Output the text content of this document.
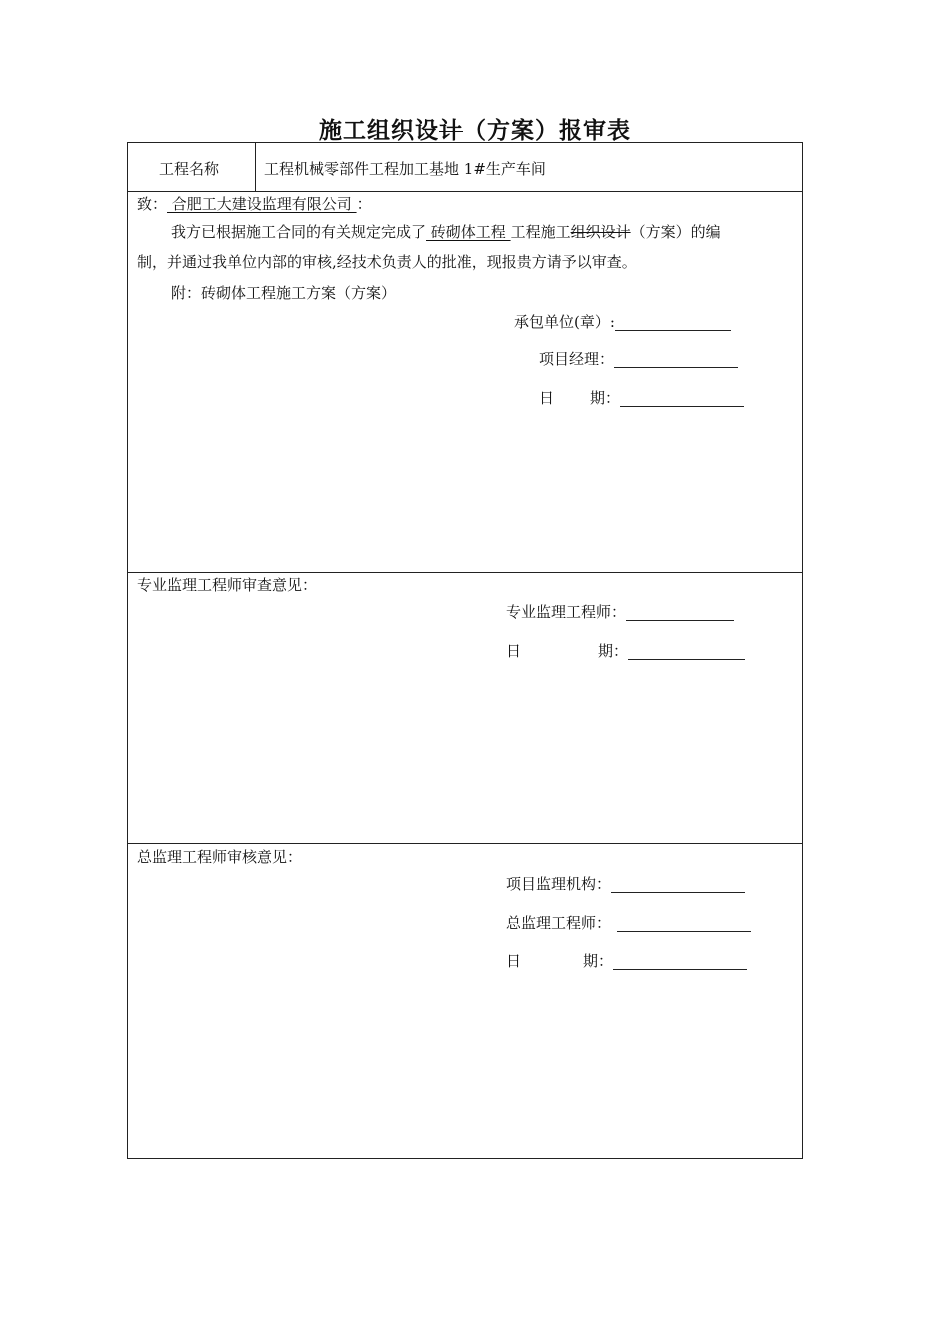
施工组织设计（方案）报审表
工程名称	工程机械零部件工程加工基地 1#生产车间
致： 合肥工大建设监理有限公司 ：
我方已根据施工合同的有关规定完成了 砖砌体工程 工程施工组织设计（方案）的编
制，并通过我单位内部的审核,经技术负责人的批准，现报贵方请予以审查。
附：砖砌体工程施工方案（方案）
承包单位(章）:
项目经理：
日 期：
专业监理工程师审查意见：
专业监理工程师：
日	期：
总监理工程师审核意见：
项目监理机构：
总监理工程师：
日	期：
